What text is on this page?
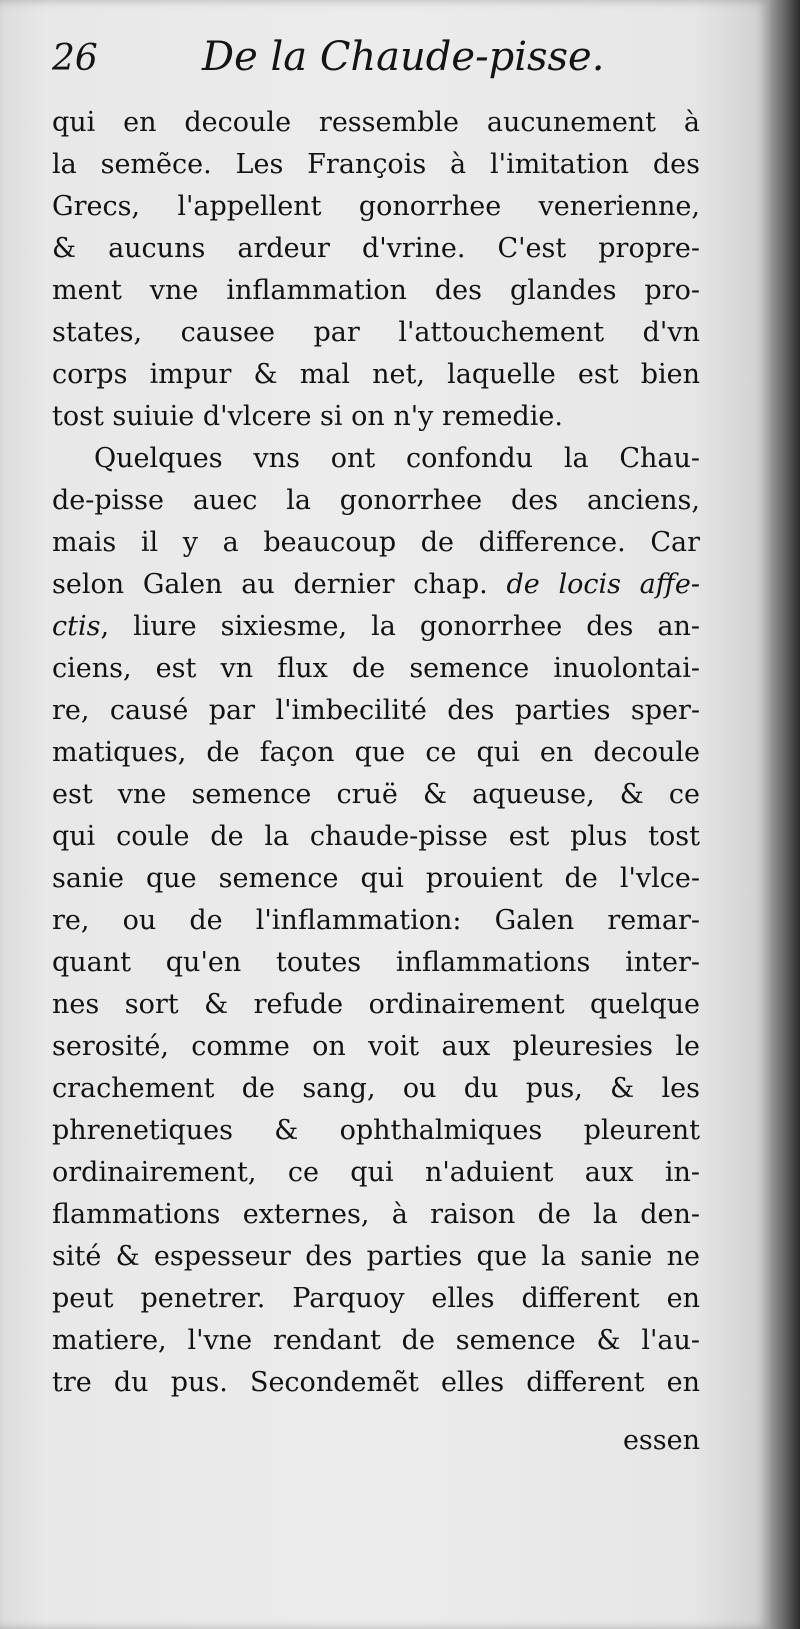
26	De la Chaude-pisse.
qui en decoule ressemble aucunement à
la semẽce. Les François à l'imitation des
Grecs, l'appellent gonorrhee venerienne,
& aucuns ardeur d'vrine. C'est propre-
ment vne inflammation des glandes pro-
states, causee par l'attouchement d'vn
corps impur & mal net, laquelle est bien
tost suiuie d'vlcere si on n'y remedie.
Quelques vns ont confondu la Chau-
de-pisse auec la gonorrhee des anciens,
mais il y a beaucoup de difference. Car
selon Galen au dernier chap. de locis affe-
ctis, liure sixiesme, la gonorrhee des an-
ciens, est vn flux de semence inuolontai-
re, causé par l'imbecilité des parties sper-
matiques, de façon que ce qui en decoule
est vne semence cruë & aqueuse, & ce
qui coule de la chaude-pisse est plus tost
sanie que semence qui prouient de l'vlce-
re, ou de l'inflammation: Galen remar-
quant qu'en toutes inflammations inter-
nes sort & refude ordinairement quelque
serosité, comme on voit aux pleuresies le
crachement de sang, ou du pus, & les
phrenetiques & ophthalmiques pleurent
ordinairement, ce qui n'aduient aux in-
flammations externes, à raison de la den-
sité & espesseur des parties que la sanie ne
peut penetrer. Parquoy elles different en
matiere, l'vne rendant de semence & l'au-
tre du pus. Secondemẽt elles different en
essen
